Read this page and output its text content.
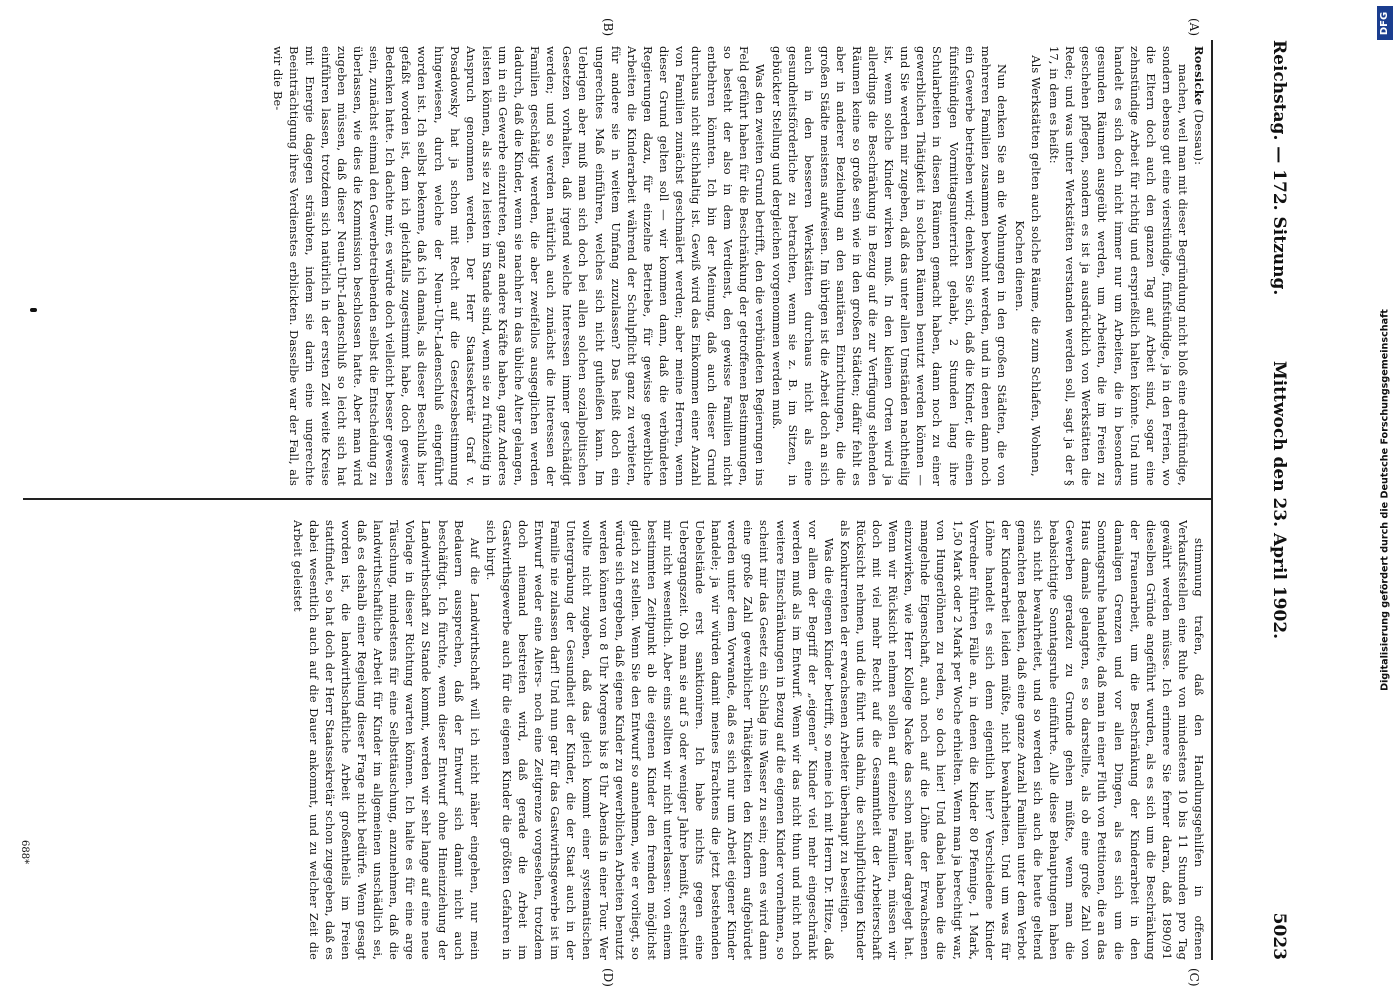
Reichstag. — 172. Sitzung.
Mittwoch den 23. April 1902.
5023
(A)
(B)
(C)
(D)

Roesicke (Dessau):

machen, weil man mit dieser Begründung nicht bloß eine dreiftündige, sondern ebenso gut eine vierstündige, fünfstündige, ja in den Ferien, wo die Eltern doch auch den ganzen Tag auf Arbeit sind, sogar eine zehnstündige Arbeit für richtig und ersprießlich halten könnte. Und nun handelt es sich doch nicht immer nur um Arbeiten, die in besonders gesunden Räumen ausgeübt werden, um Arbeiten, die im Freien zu geschehen pflegen, sondern es ist ja ausdrücklich von Werkstätten die Rede; und was unter Werkstätten verstanden werden soll, sagt ja der § 17, in dem es heißt:

Als Werkstätten gelten auch solche Räume, die zum Schlafen, Wohnen, Kochen dienen.

Nun denken Sie an die Wohnungen in den großen Städten, die von mehreren Familien zusammen bewohnt werden, und in denen dann noch ein Gewerbe betrieben wird; denken Sie sich, daß die Kinder, die einen fünfstündigen Vormittagsunterricht gehabt, 2 Stunden lang ihre Schularbeiten in diesen Räumen gemacht haben, dann noch zu einer gewerblichen Thätigkeit in solchen Räumen benutzt werden können — und Sie werden mir zugeben, daß das unter allen Umständen nachtheilig ist, wenn solche Kinder wirken muß. In den kleinen Orten wird ja allerdings die Beschränkung in Bezug auf die zur Verfügung stehenden Räumen keine so große sein wie in den großen Städten; dafür fehlt es aber in anderer Beziehung an den sanitären Einrichtungen, die die großen Städte meistens aufweisen. Im übrigen ist die Arbeit doch an sich auch in den besseren Werkstätten durchaus nicht als eine gesundheitsförderliche zu betrachten, wenn sie z. B. im Sitzen, in gebückter Stellung und dergleichen vorgenommen werden muß.

Was den zweiten Grund betrifft, den die verbündeten Regierungen ins Feld geführt haben für die Beschränkung der getroffenen Bestimmungen, so besteht der also in dem Verdienst, den gewisse Familien nicht entbehren könnten. Ich bin der Meinung, daß auch dieser Grund durchaus nicht stichhaltig ist. Gewiß wird das Einkommen einer Anzahl von Familien zunächst geschmälert werden; aber meine Herren, wenn dieser Grund gelten soll — wir kommen dann, daß die verbündeten Regierungen dazu, für einzelne Betriebe, für gewisse gewerbliche Arbeiten die Kinderarbeit während der Schulpflicht ganz zu verbieten, für andere sie in weitem Umfang zuzulassen? Das heißt doch ein ungerechtes Maß einführen, welches sich nicht gutheißen kann. Im Uebrigen aber muß man sich doch bei allen solchen sozialpolitischen Gesetzen vorhalten, daß irgend welche Interessen immer geschädigt werden; und so werden natürlich auch zunächst die Interessen der Familien geschädigt werden, die aber zweifellos ausgeglichen werden dadurch, daß die Kinder, wenn sie nachher in das übliche Alter gelangen, um in ein Gewerbe einzutreten, ganz andere Kräfte haben, ganz Anderes leisten können, als sie zu leisten im Stande sind, wenn sie zu frühzeitig in Anspruch genommen werden. Der Herr Staatssekretär Graf v. Posadowsky hat ja schon mit Recht auf die Gesetzesbestimmung hingewiesen, durch welche der Neun-Uhr-Ladenschluß eingeführt worden ist. Ich selbst bekenne, daß ich damals, als dieser Beschluß hier gefaßt worden ist, dem ich gleichfalls zugestimmt habe, doch gewisse Bedenken hatte. Ich dachte mir, es würde doch vielleicht besser gewesen sein, zunächst einmal den Gewerbetreibenden selbst die Entscheidung zu überlassen, wie dies die Kommission beschlossen hatte. Aber man wird zugeben müssen, daß dieser Neun-Uhr-Ladenschluß so leicht sich hat einführen lassen, trotzdem sich natürlich in der ersten Zeit weite Kreise mit Energie dagegen sträubten, indem sie darin eine ungerechte Beeinträchtigung ihres Verdienstes erblickten. Dasselbe war der Fall, als wir die Be-

stimmung trafen, daß den Handlungsgehilfen in offenen Verkaufsstellen eine Ruhe von mindestens 10 bis 11 Stunden pro Tag gewährt werden müsse. Ich erinnere Sie ferner daran, daß 1890/91 dieselben Gründe angeführt wurden, als es sich um die Beschränkung der Frauenarbeit, um die Beschränkung der Kinderarbeit in den damaligen Grenzen und vor allen Dingen, als es sich um die Sonntagsruhe handelte, daß man in einer Fluth von Petitionen, die an das Haus damals gelangten, es so darstellte, als ob eine große Zahl von Gewerben geradezu zu Grunde gehen müßte, wenn man die beabsichtigte Sonntagsruhe einführte. Alle diese Behauptungen haben sich nicht bewahrheitet, und so werden sich auch die heute geltend gemachten Bedenken, daß eine ganze Anzahl Familien unter dem Verbot der Kinderarbeit leiden müßte, nicht bewahrheiten. Und um was für Löhne handelt es sich denn eigentlich hier? Verschiedene Kinder Vorredner führten Fälle an, in denen die Kinder 80 Pfennige, 1 Mark, 1,50 Mark oder 2 Mark per Woche erhielten. Wenn man ja berechtigt war, von Hungerlöhnen zu reden, so doch hier! Und dabei haben die die mangelnde Eigenschaft, auch noch auf die Löhne der Erwachsenen einzuwirken, wie Herr Kollege Nacke das schon näher dargelegt hat. Wenn wir Rücksicht nehmen sollen auf einzelne Familien, müssen wir doch mit viel mehr Recht auf die Gesammtheit der Arbeiterschaft Rücksicht nehmen, und die führt uns dahin, die schulpflichtigen Kinder als Konkurrenten der erwachsenen Arbeiter überhaupt zu beseitigen.

Was die eigenen Kinder betrifft, so meine ich mit Herrn Dr. Hitze, daß vor allem der Begriff der „eigenen“ Kinder viel mehr eingeschränkt werden muß als im Entwurf. Wenn wir das nicht thun und nicht noch weitere Einschränkungen in Bezug auf die eigenen Kinder vornehmen, so scheint mir das Gesetz ein Schlag ins Wasser zu sein; denn es wird dann eine große Zahl gewerblicher Thätigkeiten den Kindern aufgebürdet werden unter dem Vorwande, daß es sich nur um Arbeit eigener Kinder handele; ja wir würden damit meines Erachtens die jetzt bestehenden Uebelstände erst sanktioniren. Ich habe nichts gegen eine Uebergangszeit. Ob man sie auf 5 oder weniger Jahre bemißt, erscheint mir nicht wesentlich. Aber eins sollten wir nicht unterlassen: von einem bestimmten Zeitpunkt ab die eigenen Kinder den fremden möglichst gleich zu stellen. Wenn Sie den Entwurf so annehmen, wie er vorliegt, so würde sich ergeben, daß eigene Kinder zu gewerblichen Arbeiten benutzt werden können von 8 Uhr Morgens bis 8 Uhr Abends in einer Tour. Wer wollte nicht zugeben, daß das gleich kommt einer systematischen Untergrabung der Gesundheit der Kinder, die der Staat auch in der Familie nie zulassen darf! Und nun gar für das Gastwirthsgewerbe ist im Entwurf weder eine Alters- noch eine Zeitgrenze vorgesehen, trotzdem doch niemand bestreiten wird, daß gerade die Arbeit im Gastwirthsgewerbe auch für die eigenen Kinder die größten Gefahren in sich birgt.

Auf die Landwirthschaft will ich nicht näher eingehen, nur mein Bedauern aussprechen, daß der Entwurf sich damit nicht auch beschäftigt. Ich fürchte, wenn dieser Entwurf ohne Hineinziehung der Landwirthschaft zu Stande kommt, werden wir sehr lange auf eine neue Vorlage in dieser Richtung warten können. Ich halte es für eine arge Täuschung, mindestens für eine Selbsttäuschung, anzunehmen, daß die landwirthschaftliche Arbeit für Kinder im allgemeinen unschädlich sei, daß es deshalb einer Regelung dieser Frage nicht bedürfe. Wenn gesagt worden ist, die landwirthschaftliche Arbeit großentheils im Freien stattfindet, so hat doch der Herr Staatssekretär schon zugegeben, daß es dabei wesentlich auch auf die Dauer ankommt, und zu welcher Zeit die Arbeit geleistet

688*
DFG
Digitalisierung gefördert durch die Deutsche Forschungsgemeinschaft
